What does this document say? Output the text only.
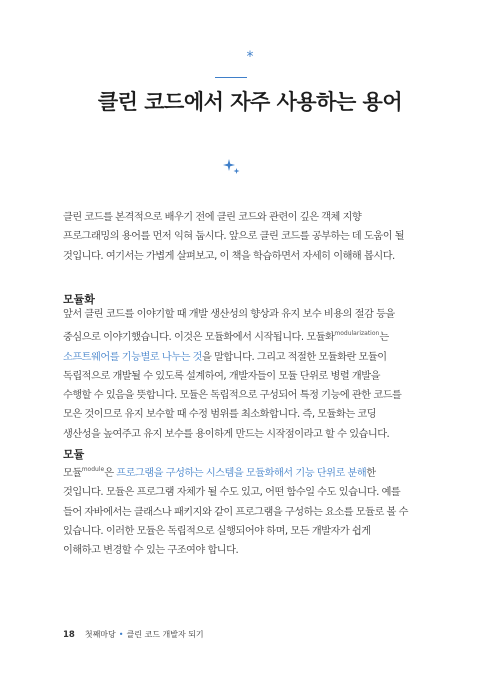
*
클린 코드에서 자주 사용하는 용어

클린 코드를 본격적으로 배우기 전에 클린 코드와 관련이 깊은 객체 지향 프로그래밍의 용어를 먼저 익혀 둡시다. 앞으로 클린 코드를 공부하는 데 도움이 될 것입니다. 여기서는 가볍게 살펴보고, 이 책을 학습하면서 자세히 이해해 봅시다.

모듈화

앞서 클린 코드를 이야기할 때 개발 생산성의 향상과 유지 보수 비용의 절감 등을 중심으로 이야기했습니다. 이것은 모듈화에서 시작됩니다. 모듈화$^{modularization}$는 소프트웨어를 기능별로 나누는 것을 말합니다. 그리고 적절한 모듈화란 모듈이 독립적으로 개발될 수 있도록 설계하여, 개발자들이 모듈 단위로 병렬 개발을 수행할 수 있음을 뜻합니다. 모듈은 독립적으로 구성되어 특정 기능에 관한 코드를 모은 것이므로 유지 보수할 때 수정 범위를 최소화합니다. 즉, 모듈화는 코딩 생산성을 높여주고 유지 보수를 용이하게 만드는 시작점이라고 할 수 있습니다.

모듈

모듈$^{module}$은 프로그램을 구성하는 시스템을 모듈화해서 기능 단위로 분해한 것입니다. 모듈은 프로그램 자체가 될 수도 있고, 어떤 함수일 수도 있습니다. 예를 들어 자바에서는 클래스나 패키지와 같이 프로그램을 구성하는 요소를 모듈로 볼 수 있습니다. 이러한 모듈은 독립적으로 실행되어야 하며, 모든 개발자가 쉽게 이해하고 변경할 수 있는 구조여야 합니다.

18 첫째마당 • 클린 코드 개발자 되기
